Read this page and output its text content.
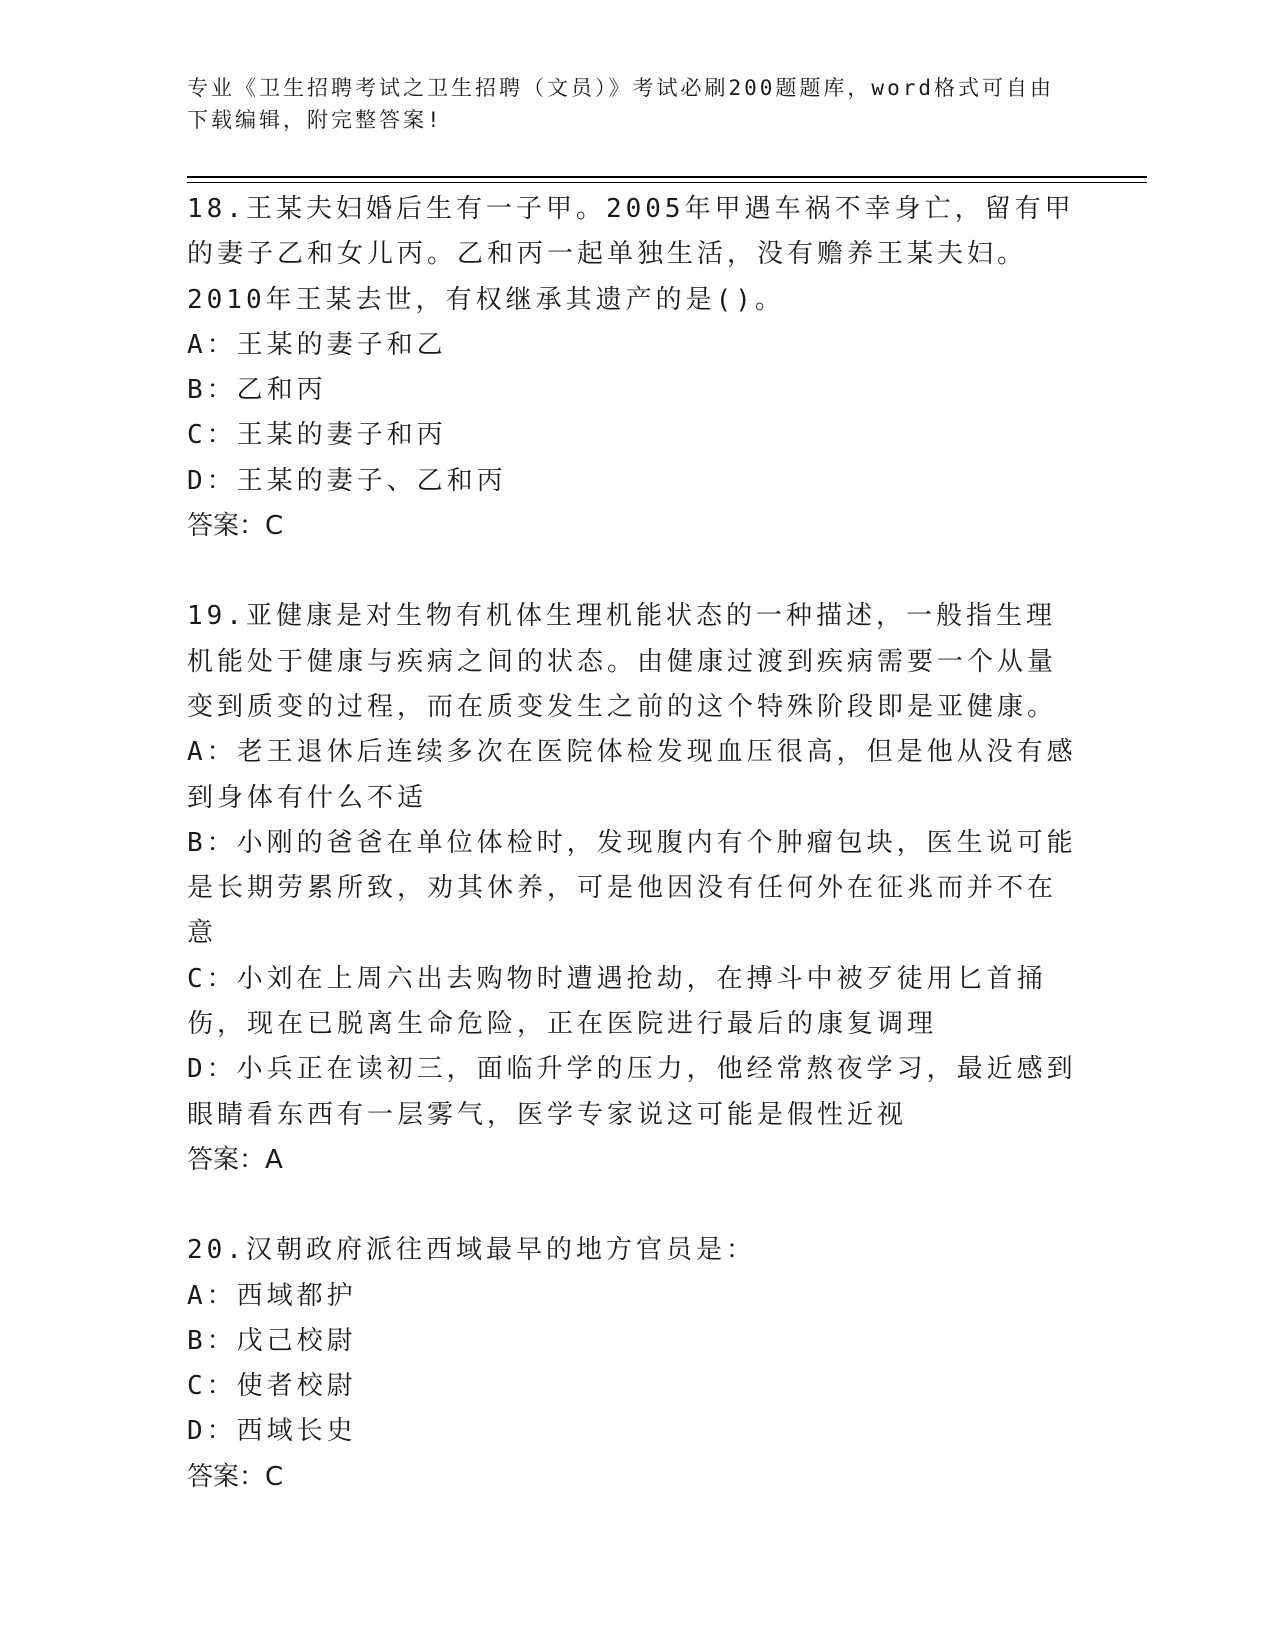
专业《卫生招聘考试之卫生招聘（文员）》考试必刷200题题库，word格式可自由下载编辑，附完整答案!

18.王某夫妇婚后生有一子甲。2005年甲遇车祸不幸身亡，留有甲的妻子乙和女儿丙。乙和丙一起单独生活，没有赡养王某夫妇。2010年王某去世，有权继承其遗产的是()。

A：王某的妻子和乙

B：乙和丙

C：王某的妻子和丙

D：王某的妻子、乙和丙

答案：C

19.亚健康是对生物有机体生理机能状态的一种描述，一般指生理机能处于健康与疾病之间的状态。由健康过渡到疾病需要一个从量变到质变的过程，而在质变发生之前的这个特殊阶段即是亚健康。

A：老王退休后连续多次在医院体检发现血压很高，但是他从没有感到身体有什么不适

B：小刚的爸爸在单位体检时，发现腹内有个肿瘤包块，医生说可能是长期劳累所致，劝其休养，可是他因没有任何外在征兆而并不在意

C：小刘在上周六出去购物时遭遇抢劫，在搏斗中被歹徒用匕首捅伤，现在已脱离生命危险，正在医院进行最后的康复调理

D：小兵正在读初三，面临升学的压力，他经常熬夜学习，最近感到眼睛看东西有一层雾气，医学专家说这可能是假性近视

答案：A

20.汉朝政府派往西域最早的地方官员是：

A：西域都护

B：戊己校尉

C：使者校尉

D：西域长史

答案：C
